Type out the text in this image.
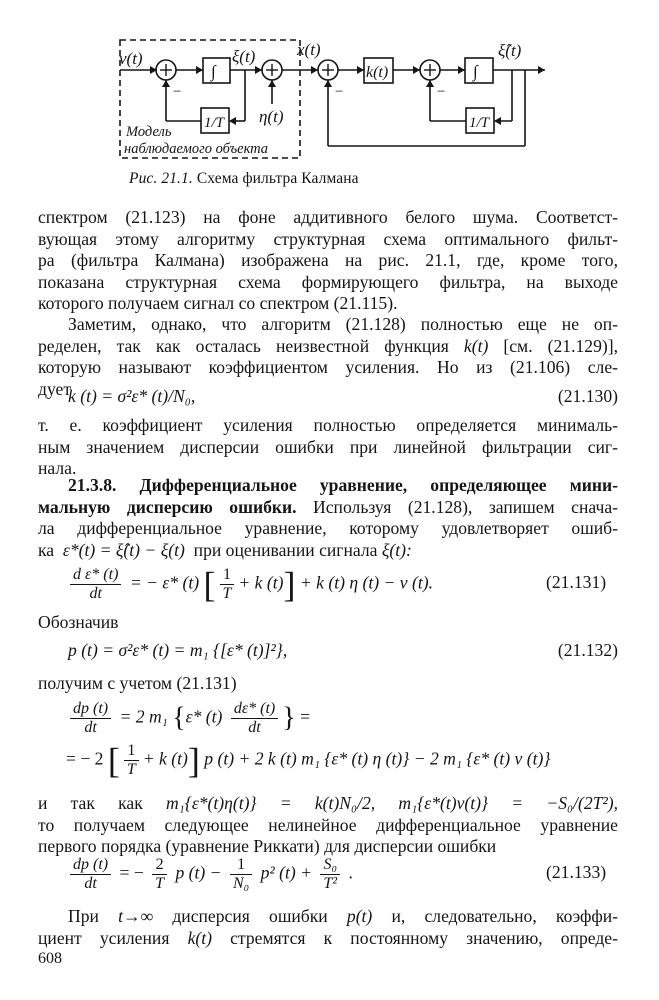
ν(t)
∫
ξ(t)
1/T
−
η(t)
x(t)
−
k(t)
−
∫
ξ̂(t)
1/T
Модель
наблюдаемого объекта
Рис. 21.1. Схема фильтра Калмана
спектром (21.123) на фоне аддитивного белого шума. Соответст-
вующая этому алгоритму структурная схема оптимального фильт-
ра (фильтра Калмана) изображена на рис. 21.1, где, кроме того,
показана структурная схема формирующего фильтра, на выходе
которого получаем сигнал со спектром (21.115).
Заметим, однако, что алгоритм (21.128) полностью еще не оп-
ределен, так как осталась неизвестной функция k(t) [см. (21.129)],
которую называют коэффициентом усиления. Но из (21.106) сле-
дует
k (t) = σ²ε* (t)/N₀,	(21.130)
т. е. коэффициент усиления полностью определяется минималь-
ным значением дисперсии ошибки при линейной фильтрации сиг-
нала.
21.3.8. Дифференциальное уравнение, определяющее мини-
мальную дисперсию ошибки. Используя (21.128), запишем снача-
ла дифференциальное уравнение, которому удовлетворяет ошиб-
ка ε*(t) = ξ̂(t) − ξ(t) при оценивании сигнала ξ(t):
$\frac{\text{d ε* (t)}}{dt}$ = − ε* (t) [ $\frac{1}{T} + k$ (t)] + k (t) η (t) − ν (t).	(21.131)
Обозначив
p (t) = σ²ε* (t) = m₁ {[ε* (t)]²},	(21.132)
получим с учетом (21.131)
$\frac{dp (t)}{dt} = 2$ m₁ {ε* $(t) \frac{d\varepsilon* (t)}{dt}$ } =
= − 2 [ $\frac{1}{T} + k$ (t)] p (t) + 2 k (t) m₁ {ε* (t) η (t)} − 2 m₁ {ε* (t) ν (t)}
и так как m₁{ε*(t)η(t)} = k(t)N₀/2, m₁{ε*(t)ν(t)} = −S₀/(2T²),
то получаем следующее нелинейное дифференциальное уравнение
первого порядка (уравнение Риккати) для дисперсии ошибки
$\frac{dp (t)}{dt}$ = − $\frac{2}{T}$ p $(t) - \frac{1}{\text{N₀}} p^2$ $(t) + \frac{\text{S₀}}{\text{T²}}$ .	(21.133)
При t→∞ дисперсия ошибки p(t) и, следовательно, коэффи-
циент усиления k(t) стремятся к постоянному значению, опреде-
608
